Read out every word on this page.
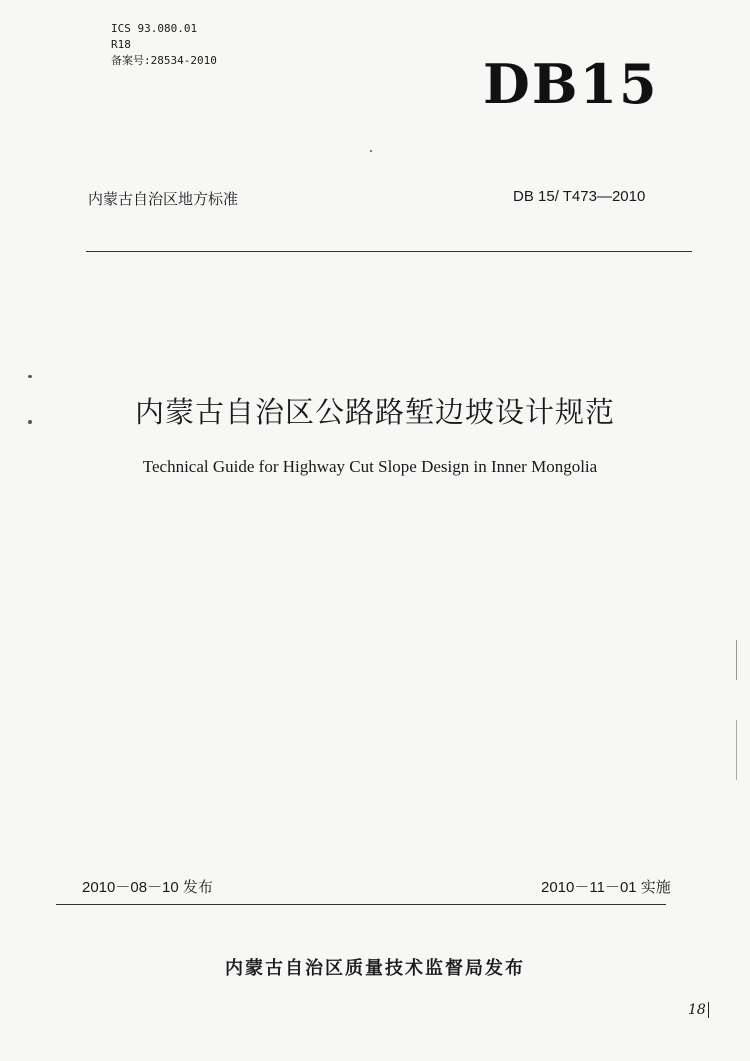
ICS 93.080.01
R18
备案号:28534-2010	DB15
内蒙古自治区地方标准	DB 15/ T473—2010
内蒙古自治区公路路堑边坡设计规范
Technical Guide for Highway Cut Slope Design in Inner Mongolia
2010－08－10 发布	2010－11－01 实施
内蒙古自治区质量技术监督局发布
18
